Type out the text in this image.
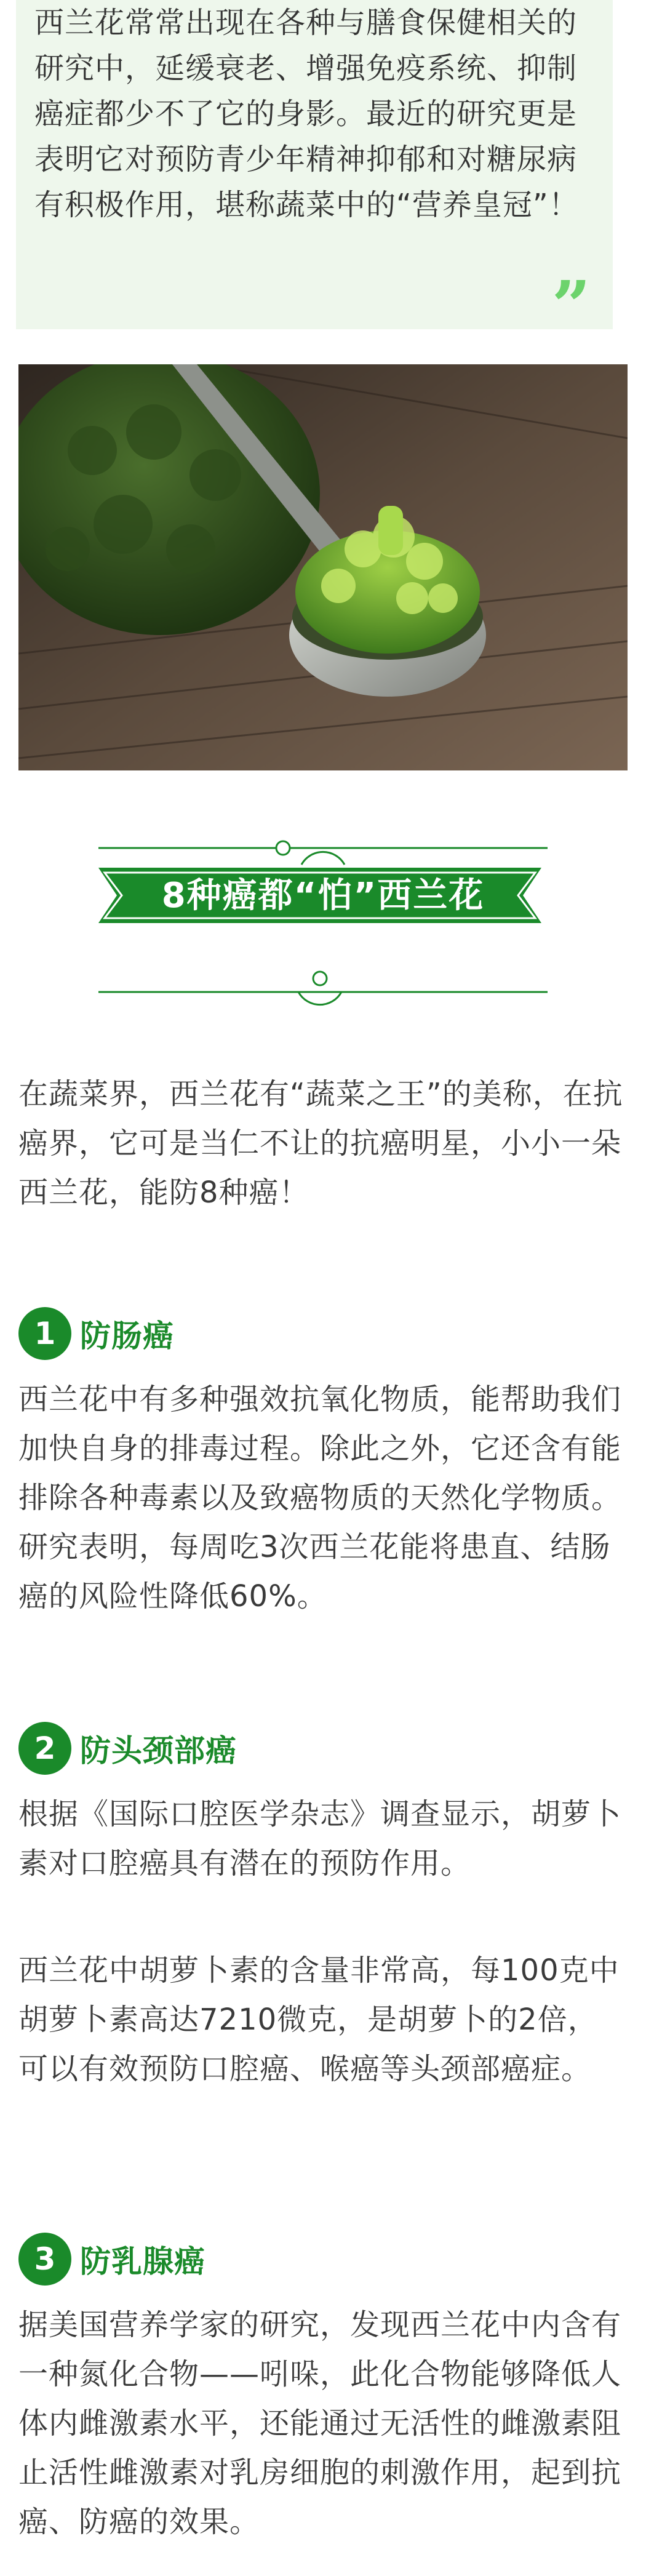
西兰花常常出现在各种与膳食保健相关的研究中，延缓衰老、增强免疫系统、抑制癌症都少不了它的身影。最近的研究更是表明它对预防青少年精神抑郁和对糖尿病有积极作用，堪称蔬菜中的“营养皇冠”！
”
8种癌都“怕”西兰花
在蔬菜界，西兰花有“蔬菜之王”的美称，在抗癌界，它可是当仁不让的抗癌明星，小小一朵西兰花，能防8种癌！
1 防肠癌
西兰花中有多种强效抗氧化物质，能帮助我们加快自身的排毒过程。除此之外，它还含有能排除各种毒素以及致癌物质的天然化学物质。研究表明，每周吃3次西兰花能将患直、结肠癌的风险性降低60%。
2 防头颈部癌
根据《国际口腔医学杂志》调查显示，胡萝卜素对口腔癌具有潜在的预防作用。
西兰花中胡萝卜素的含量非常高，每100克中胡萝卜素高达7210微克，是胡萝卜的2倍，可以有效预防口腔癌、喉癌等头颈部癌症。
3 防乳腺癌
据美国营养学家的研究，发现西兰花中内含有一种氮化合物——吲哚，此化合物能够降低人体内雌激素水平，还能通过无活性的雌激素阻止活性雌激素对乳房细胞的刺激作用，起到抗癌、防癌的效果。
